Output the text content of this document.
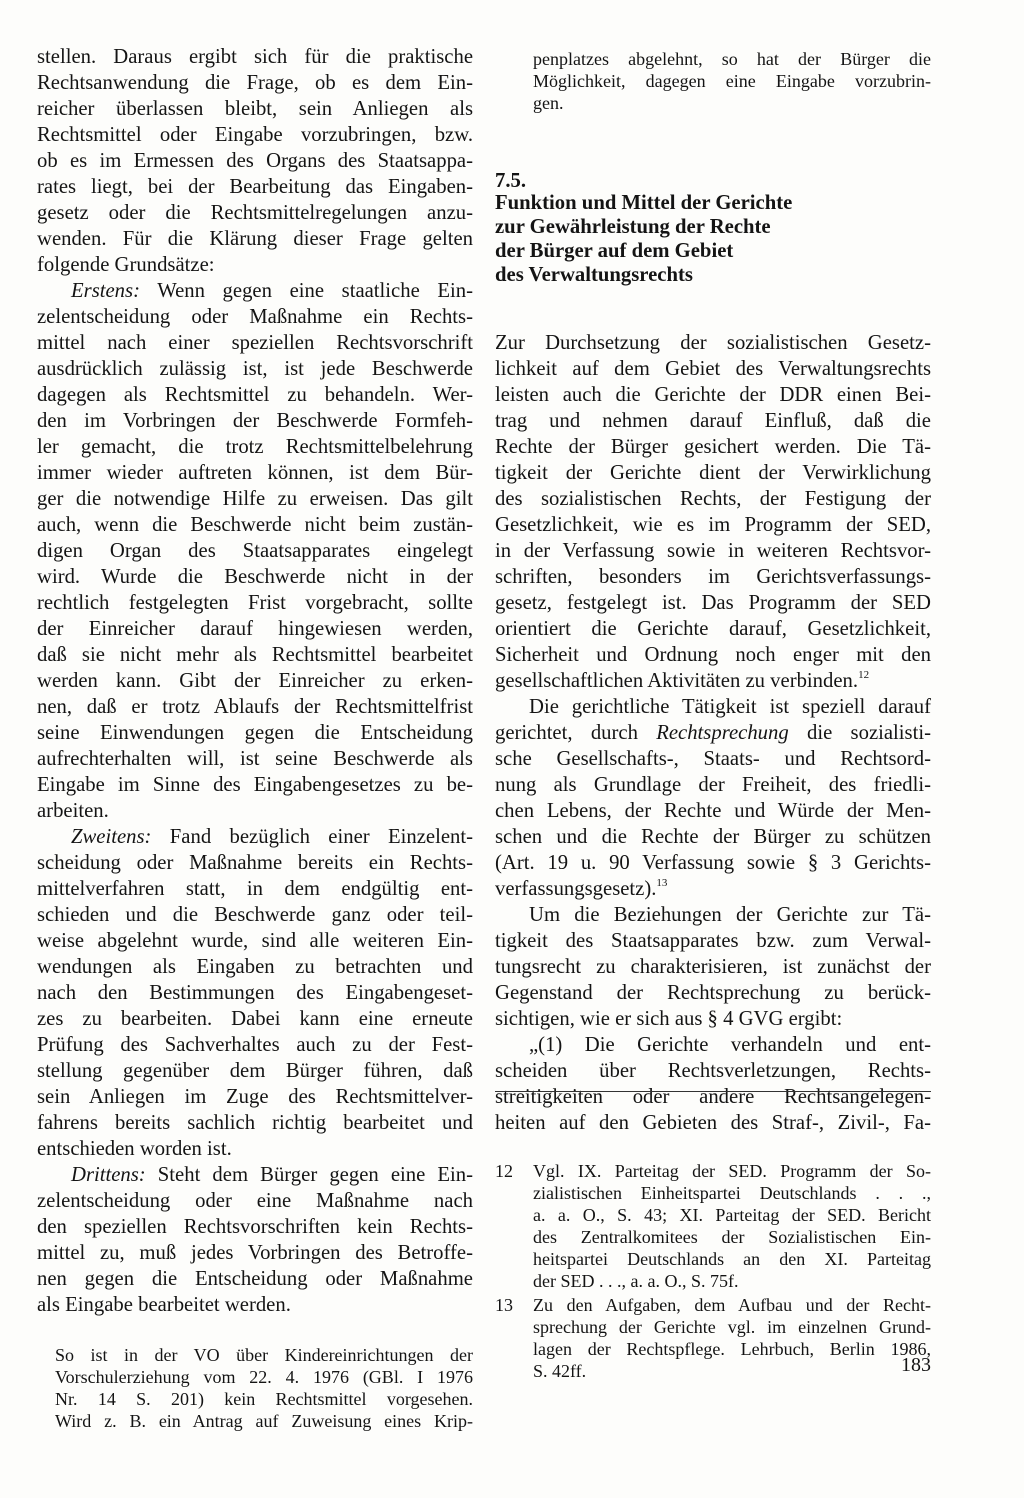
stellen. Daraus ergibt sich für die praktische
Rechtsanwendung die Frage, ob es dem Ein-
reicher überlassen bleibt, sein Anliegen als
Rechtsmittel oder Eingabe vorzubringen, bzw.
ob es im Ermessen des Organs des Staatsappa-
rates liegt, bei der Bearbeitung das Eingaben-
gesetz oder die Rechtsmittelregelungen anzu-
wenden. Für die Klärung dieser Frage gelten
folgende Grundsätze:
Erstens: Wenn gegen eine staatliche Ein-
zelentscheidung oder Maßnahme ein Rechts-
mittel nach einer speziellen Rechtsvorschrift
ausdrücklich zulässig ist, ist jede Beschwerde
dagegen als Rechtsmittel zu behandeln. Wer-
den im Vorbringen der Beschwerde Formfeh-
ler gemacht, die trotz Rechtsmittelbelehrung
immer wieder auftreten können, ist dem Bür-
ger die notwendige Hilfe zu erweisen. Das gilt
auch, wenn die Beschwerde nicht beim zustän-
digen Organ des Staatsapparates eingelegt
wird. Wurde die Beschwerde nicht in der
rechtlich festgelegten Frist vorgebracht, sollte
der Einreicher darauf hingewiesen werden,
daß sie nicht mehr als Rechtsmittel bearbeitet
werden kann. Gibt der Einreicher zu erken-
nen, daß er trotz Ablaufs der Rechtsmittelfrist
seine Einwendungen gegen die Entscheidung
aufrechterhalten will, ist seine Beschwerde als
Eingabe im Sinne des Eingabengesetzes zu be-
arbeiten.
Zweitens: Fand bezüglich einer Einzelent-
scheidung oder Maßnahme bereits ein Rechts-
mittelverfahren statt, in dem endgültig ent-
schieden und die Beschwerde ganz oder teil-
weise abgelehnt wurde, sind alle weiteren Ein-
wendungen als Eingaben zu betrachten und
nach den Bestimmungen des Eingabengeset-
zes zu bearbeiten. Dabei kann eine erneute
Prüfung des Sachverhaltes auch zu der Fest-
stellung gegenüber dem Bürger führen, daß
sein Anliegen im Zuge des Rechtsmittelver-
fahrens bereits sachlich richtig bearbeitet und
entschieden worden ist.
Drittens: Steht dem Bürger gegen eine Ein-
zelentscheidung oder eine Maßnahme nach
den speziellen Rechtsvorschriften kein Rechts-
mittel zu, muß jedes Vorbringen des Betroffe-
nen gegen die Entscheidung oder Maßnahme
als Eingabe bearbeitet werden.
So ist in der VO über Kindereinrichtungen der
Vorschulerziehung vom 22. 4. 1976 (GBl. I 1976
Nr. 14 S. 201) kein Rechtsmittel vorgesehen.
Wird z. B. ein Antrag auf Zuweisung eines Krip-
penplatzes abgelehnt, so hat der Bürger die
Möglichkeit, dagegen eine Eingabe vorzubrin-
gen.
7.5.
Funktion und Mittel der Gerichte
zur Gewährleistung der Rechte
der Bürger auf dem Gebiet
des Verwaltungsrechts
Zur Durchsetzung der sozialistischen Gesetz-
lichkeit auf dem Gebiet des Verwaltungsrechts
leisten auch die Gerichte der DDR einen Bei-
trag und nehmen darauf Einfluß, daß die
Rechte der Bürger gesichert werden. Die Tä-
tigkeit der Gerichte dient der Verwirklichung
des sozialistischen Rechts, der Festigung der
Gesetzlichkeit, wie es im Programm der SED,
in der Verfassung sowie in weiteren Rechtsvor-
schriften, besonders im Gerichtsverfassungs-
gesetz, festgelegt ist. Das Programm der SED
orientiert die Gerichte darauf, Gesetzlichkeit,
Sicherheit und Ordnung noch enger mit den
gesellschaftlichen Aktivitäten zu verbinden.$^{12}$
Die gerichtliche Tätigkeit ist speziell darauf
gerichtet, durch Rechtsprechung die sozialisti-
sche Gesellschafts-, Staats- und Rechtsord-
nung als Grundlage der Freiheit, des friedli-
chen Lebens, der Rechte und Würde der Men-
schen und die Rechte der Bürger zu schützen
(Art. 19 u. 90 Verfassung sowie § 3 Gerichts-
verfassungsgesetz).$^{13}$
Um die Beziehungen der Gerichte zur Tä-
tigkeit des Staatsapparates bzw. zum Verwal-
tungsrecht zu charakterisieren, ist zunächst der
Gegenstand der Rechtsprechung zu berück-
sichtigen, wie er sich aus § 4 GVG ergibt:
„(1) Die Gerichte verhandeln und ent-
scheiden über Rechtsverletzungen, Rechts-
streitigkeiten oder andere Rechtsangelegen-
heiten auf den Gebieten des Straf-, Zivil-, Fa-
12	Vgl. IX. Parteitag der SED. Programm der So-
zialistischen Einheitspartei Deutschlands . . .,
a. a. O., S. 43; XI. Parteitag der SED. Bericht
des Zentralkomitees der Sozialistischen Ein-
heitspartei Deutschlands an den XI. Parteitag
der SED . . ., a. a. O., S. 75f.
13	Zu den Aufgaben, dem Aufbau und der Recht-
sprechung der Gerichte vgl. im einzelnen Grund-
lagen der Rechtspflege. Lehrbuch, Berlin 1986,
S. 42ff.	183
